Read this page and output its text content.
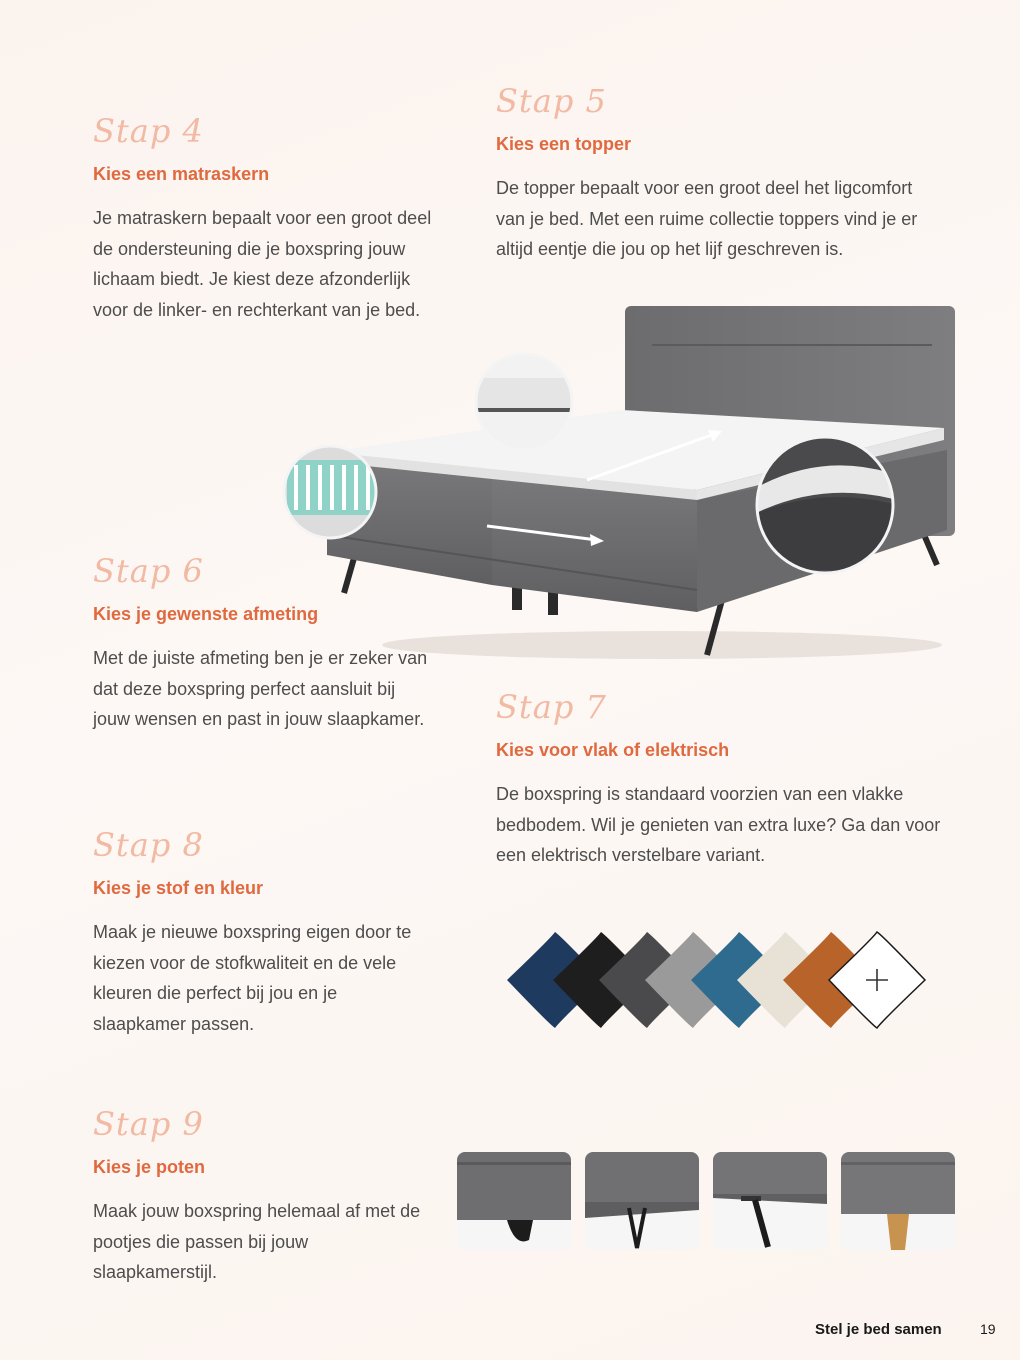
Stap 4

Kies een matraskern

Je matraskern bepaalt voor een groot deel de ondersteuning die je boxspring jouw lichaam biedt. Je kiest deze afzonderlijk voor de linker- en rechterkant van je bed.

Stap 5

Kies een topper

De topper bepaalt voor een groot deel het ligcomfort van je bed. Met een ruime collectie toppers vind je er altijd eentje die jou op het lijf geschreven is.

Stap 6

Kies je gewenste afmeting

Met de juiste afmeting ben je er zeker van dat deze boxspring perfect aansluit bij jouw wensen en past in jouw slaapkamer. Stap 7

Kies voor vlak of elektrisch

De boxspring is standaard voorzien van een vlakke bedbodem. Wil je genieten van extra luxe? Ga dan voor een elektrisch verstelbare variant.

Stap 8

Kies je stof en kleur

Maak je nieuwe boxspring eigen door te kiezen voor de stofkwaliteit en de vele kleuren die perfect bij jou en je slaapkamer passen.

Stap 9

Kies je poten

Maak jouw boxspring helemaal af met de pootjes die passen bij jouw slaapkamerstijl.

Stel je bed samen	19
